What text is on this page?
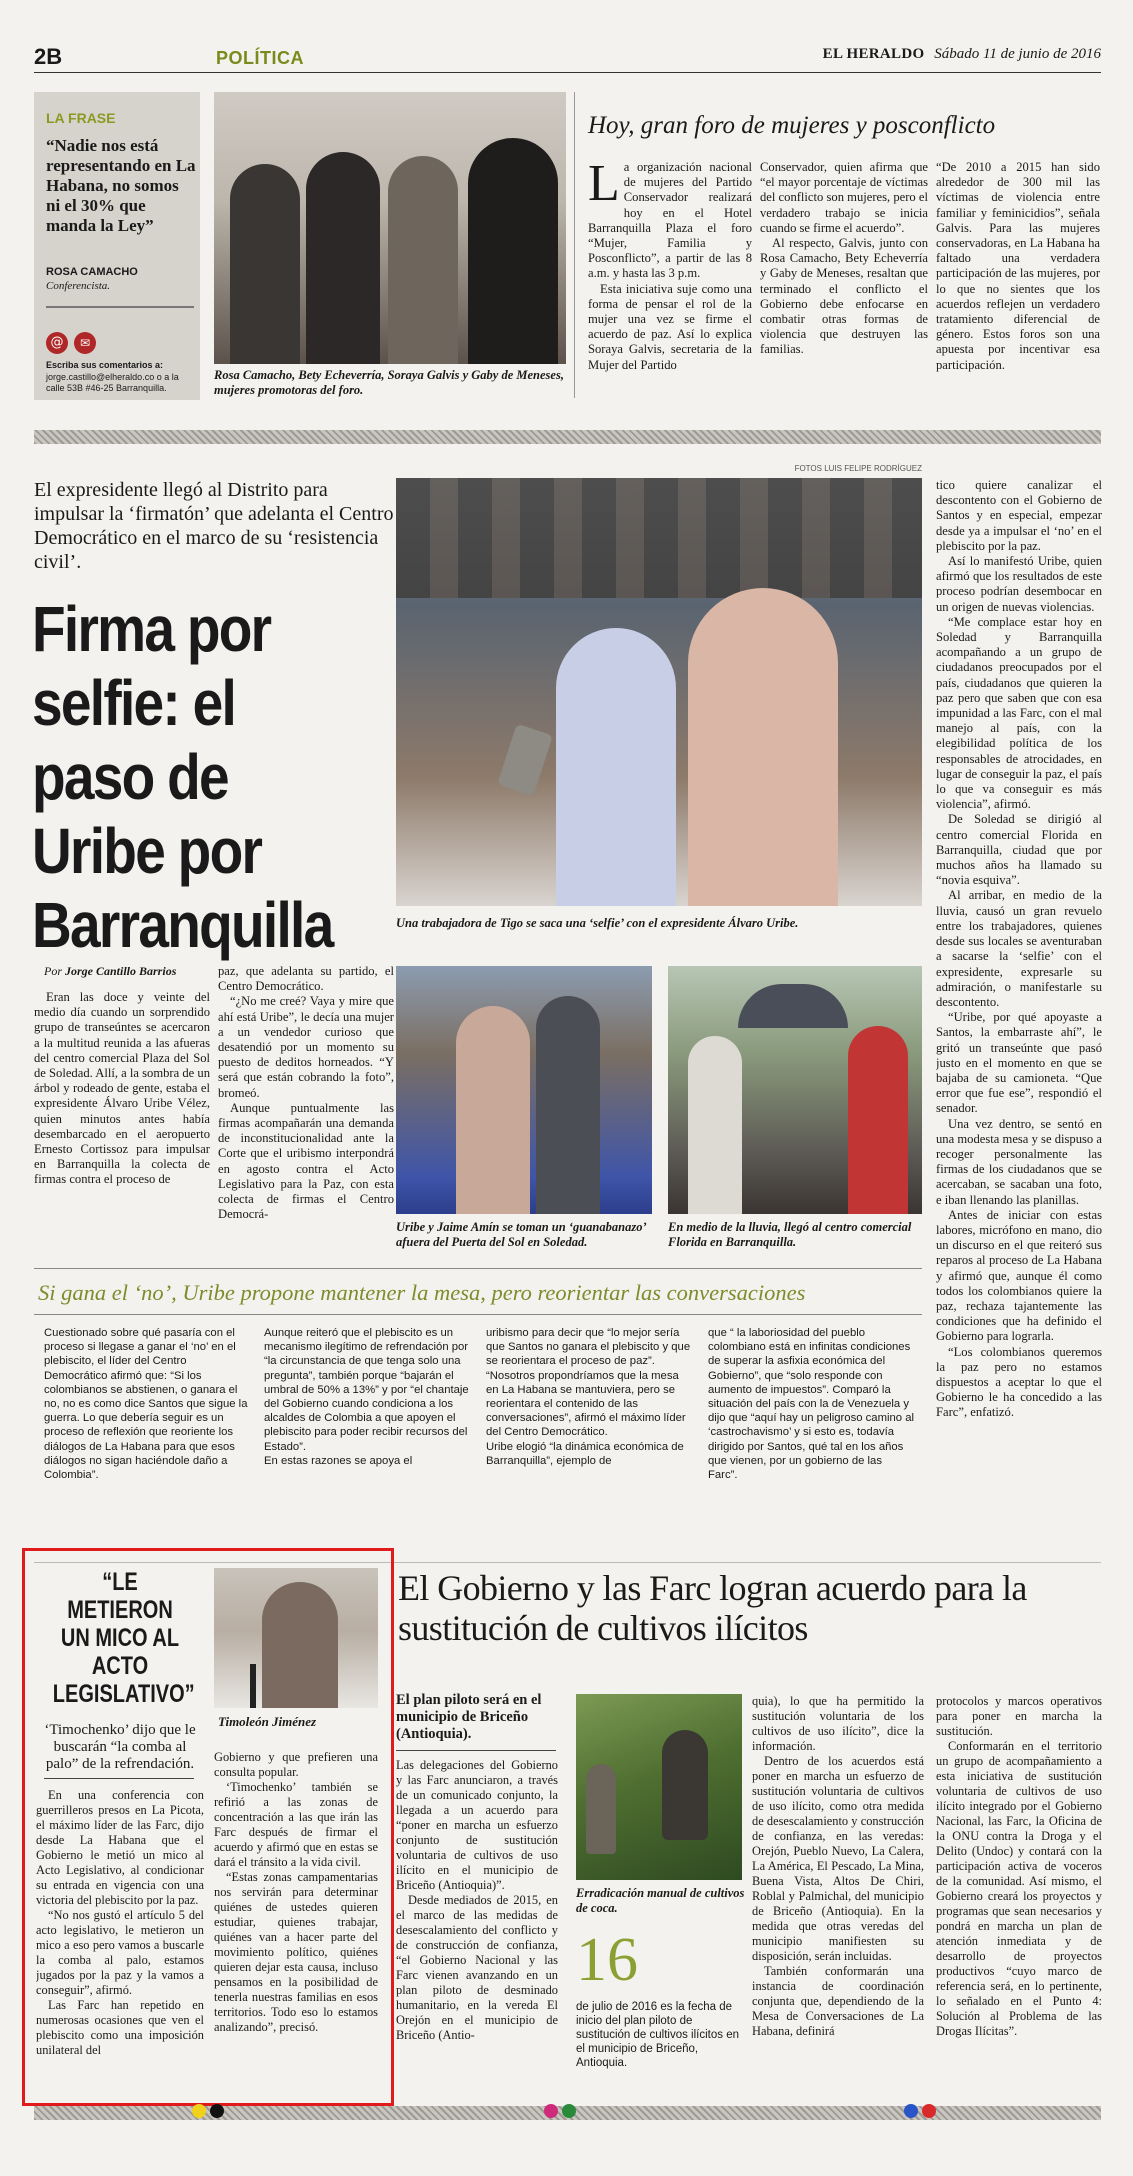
2B	POLÍTICA	EL HERALDO Sábado 11 de junio de 2016
LA FRASE
“Nadie nos está representando en La Habana, no somos ni el 30% que manda la Ley”
ROSA CAMACHO
Conferencista.
@	✉
Escriba sus comentarios a:
jorge.castillo@elheraldo.co o a la calle 53B #46-25 Barranquilla.
Rosa Camacho, Bety Echeverría, Soraya Galvis y Gaby de Meneses, mujeres promotoras del foro.
Hoy, gran foro de mujeres y posconflicto
L a organización nacional de mujeres del Partido Conservador realizará hoy en el Hotel Barranquilla Plaza el foro “Mujer, Familia y Posconflicto”, a partir de las 8 a.m. y hasta las 3 p.m.

Esta iniciativa suje como una forma de pensar el rol de la mujer una vez se firme el acuerdo de paz. Así lo explica Soraya Galvis, secretaria de la Mujer del Partido

Conservador, quien afirma que “el mayor porcentaje de víctimas del conflicto son mujeres, pero el verdadero trabajo se inicia cuando se firme el acuerdo”.

Al respecto, Galvis, junto con Rosa Camacho, Bety Echeverría y Gaby de Meneses, resaltan que terminado el conflicto el Gobierno debe enfocarse en combatir otras formas de violencia que destruyen las familias.

“De 2010 a 2015 han sido alrededor de 300 mil las víctimas de violencia entre familiar y feminicidios”, señala Galvis. Para las mujeres conservadoras, en La Habana ha faltado una verdadera participación de las mujeres, por lo que no sientes que los acuerdos reflejen un verdadero tratamiento diferencial de género. Estos foros son una apuesta por incentivar esa participación.

El expresidente llegó al Distrito para impulsar la ‘firmatón’ que adelanta el Centro Democrático en el marco de su ‘resistencia civil’.
Firma por selfie: el paso de Uribe por Barranquilla
Por Jorge Cantillo Barrios

Eran las doce y veinte del medio día cuando un sorprendido grupo de transeúntes se acercaron a la multitud reunida a las afueras del centro comercial Plaza del Sol de Soledad. Allí, a la sombra de un árbol y rodeado de gente, estaba el expresidente Álvaro Uribe Vélez, quien minutos antes había desembarcado en el aeropuerto Ernesto Cortissoz para impulsar en Barranquilla la colecta de firmas contra el proceso de

paz, que adelanta su partido, el Centro Democrático.

“¿No me creé? Vaya y mire que ahí está Uribe”, le decía una mujer a un vendedor curioso que desatendió por un momento su puesto de deditos horneados. “Y será que están cobrando la foto”, bromeó.

Aunque puntualmente las firmas acompañarán una demanda de inconstitucionalidad ante la Corte que el uribismo interpondrá en agosto contra el Acto Legislativo para la Paz, con esta colecta de firmas el Centro Democrá-

FOTOS LUIS FELIPE RODRÍGUEZ
Una trabajadora de Tigo se saca una ‘selfie’ con el expresidente Álvaro Uribe.
Uribe y Jaime Amín se toman un ‘guanabanazo’ afuera del Puerta del Sol en Soledad.
En medio de la lluvia, llegó al centro comercial Florida en Barranquilla.

tico quiere canalizar el descontento con el Gobierno de Santos y en especial, empezar desde ya a impulsar el ‘no’ en el plebiscito por la paz.

Así lo manifestó Uribe, quien afirmó que los resultados de este proceso podrían desembocar en un origen de nuevas violencias.

“Me complace estar hoy en Soledad y Barranquilla acompañando a un grupo de ciudadanos preocupados por el país, ciudadanos que quieren la paz pero que saben que con esa impunidad a las Farc, con el mal manejo al país, con la elegibilidad política de los responsables de atrocidades, en lugar de conseguir la paz, el país lo que va conseguir es más violencia”, afirmó.

De Soledad se dirigió al centro comercial Florida en Barranquilla, ciudad que por muchos años ha llamado su “novia esquiva”.

Al arribar, en medio de la lluvia, causó un gran revuelo entre los trabajadores, quienes desde sus locales se aventuraban a sacarse la ‘selfie’ con el expresidente, expresarle su admiración, o manifestarle su descontento.

“Uribe, por qué apoyaste a Santos, la embarraste ahí”, le gritó un transeúnte que pasó justo en el momento en que se bajaba de su camioneta. “Que error que fue ese”, respondió el senador.

Una vez dentro, se sentó en una modesta mesa y se dispuso a recoger personalmente las firmas de los ciudadanos que se acercaban, se sacaban una foto, e iban llenando las planillas.

Antes de iniciar con estas labores, micrófono en mano, dio un discurso en el que reiteró sus reparos al proceso de La Habana y afirmó que, aunque él como todos los colombianos quiere la paz, rechaza tajantemente las condiciones que ha definido el Gobierno para lograrla.

“Los colombianos queremos la paz pero no estamos dispuestos a aceptar lo que el Gobierno le ha concedido a las Farc”, enfatizó.

Si gana el ‘no’, Uribe propone mantener la mesa, pero reorientar las conversaciones

Cuestionado sobre qué pasaría con el proceso si llegase a ganar el ‘no’ en el plebiscito, el líder del Centro Democrático afirmó que: “Si los colombianos se abstienen, o ganara el no, no es como dice Santos que sigue la guerra. Lo que debería seguir es un proceso de reflexión que reoriente los diálogos de La Habana para que esos diálogos no sigan haciéndole daño a Colombia”.

Aunque reiteró que el plebiscito es un mecanismo ilegítimo de refrendación por “la circunstancia de que tenga solo una pregunta”, también porque “bajarán el umbral de 50% a 13%” y por “el chantaje del Gobierno cuando condiciona a los alcaldes de Colombia a que apoyen el plebiscito para poder recibir recursos del Estado”.

En estas razones se apoya el

uribismo para decir que “lo mejor sería que Santos no ganara el plebiscito y que se reorientara el proceso de paz”.

“Nosotros propondríamos que la mesa en La Habana se mantuviera, pero se reorientara el contenido de las conversaciones”, afirmó el máximo líder del Centro Democrático.

Uribe elogió “la dinámica económica de Barranquilla”, ejemplo de

que “ la laboriosidad del pueblo colombiano está en infinitas condiciones de superar la asfixia económica del Gobierno”, que “solo responde con aumento de impuestos”. Comparó la situación del país con la de Venezuela y dijo que “aquí hay un peligroso camino al ‘castrochavismo’ y si esto es, todavía dirigido por Santos, qué tal en los años que vienen, por un gobierno de las Farc”.

“LE METIERON UN MICO AL ACTO LEGISLATIVO”
Timoleón Jiménez
‘Timochenko’ dijo que le buscarán “la comba al palo” de la refrendación.

En una conferencia con guerrilleros presos en La Picota, el máximo líder de las Farc, dijo desde La Habana que el Gobierno le metió un mico al Acto Legislativo, al condicionar su entrada en vigencia con una victoria del plebiscito por la paz.

“No nos gustó el artículo 5 del acto legislativo, le metieron un mico a eso pero vamos a buscarle la comba al palo, estamos jugados por la paz y la vamos a conseguir”, afirmó.

Las Farc han repetido en numerosas ocasiones que ven el plebiscito como una imposición unilateral del

Gobierno y que prefieren una consulta popular.

‘Timochenko’ también se refirió a las zonas de concentración a las que irán las Farc después de firmar el acuerdo y afirmó que en estas se dará el tránsito a la vida civil.

“Estas zonas campamentarias nos servirán para determinar quiénes de ustedes quieren estudiar, quienes trabajar, quiénes van a hacer parte del movimiento político, quiénes quieren dejar esta causa, incluso pensamos en la posibilidad de tenerla nuestras familias en esos territorios. Todo eso lo estamos analizando”, precisó.

El Gobierno y las Farc logran acuerdo para la sustitución de cultivos ilícitos
El plan piloto será en el municipio de Briceño (Antioquia).

Las delegaciones del Gobierno y las Farc anunciaron, a través de un comunicado conjunto, la llegada a un acuerdo para “poner en marcha un esfuerzo conjunto de sustitución voluntaria de cultivos de uso ilícito en el municipio de Briceño (Antioquia)”.

Desde mediados de 2015, en el marco de las medidas de desescalamiento del conflicto y de construcción de confianza, “el Gobierno Nacional y las Farc vienen avanzando en un plan piloto de desminado humanitario, en la vereda El Orejón en el municipio de Briceño (Antio-

Erradicación manual de cultivos de coca.
16
de julio de 2016 es la fecha de inicio del plan piloto de sustitución de cultivos ilícitos en el municipio de Briceño, Antioquia.

quia), lo que ha permitido la sustitución voluntaria de los cultivos de uso ilícito”, dice la información.

Dentro de los acuerdos está poner en marcha un esfuerzo de sustitución voluntaria de cultivos de uso ilícito, como otra medida de desescalamiento y construcción de confianza, en las veredas: Orejón, Pueblo Nuevo, La Calera, La América, El Pescado, La Mina, Buena Vista, Altos De Chiri, Roblal y Palmichal, del municipio de Briceño (Antioquia). En la medida que otras veredas del municipio manifiesten su disposición, serán incluidas.

También conformarán una instancia de coordinación conjunta que, dependiendo de la Mesa de Conversaciones de La Habana, definirá

protocolos y marcos operativos para poner en marcha la sustitución.

Conformarán en el territorio un grupo de acompañamiento a esta iniciativa de sustitución voluntaria de cultivos de uso ilícito integrado por el Gobierno Nacional, las Farc, la Oficina de la ONU contra la Droga y el Delito (Undoc) y contará con la participación activa de voceros de la comunidad. Así mismo, el Gobierno creará los proyectos y programas que sean necesarios y pondrá en marcha un plan de atención inmediata y de desarrollo de proyectos productivos “cuyo marco de referencia será, en lo pertinente, lo señalado en el Punto 4: Solución al Problema de las Drogas Ilícitas”.
